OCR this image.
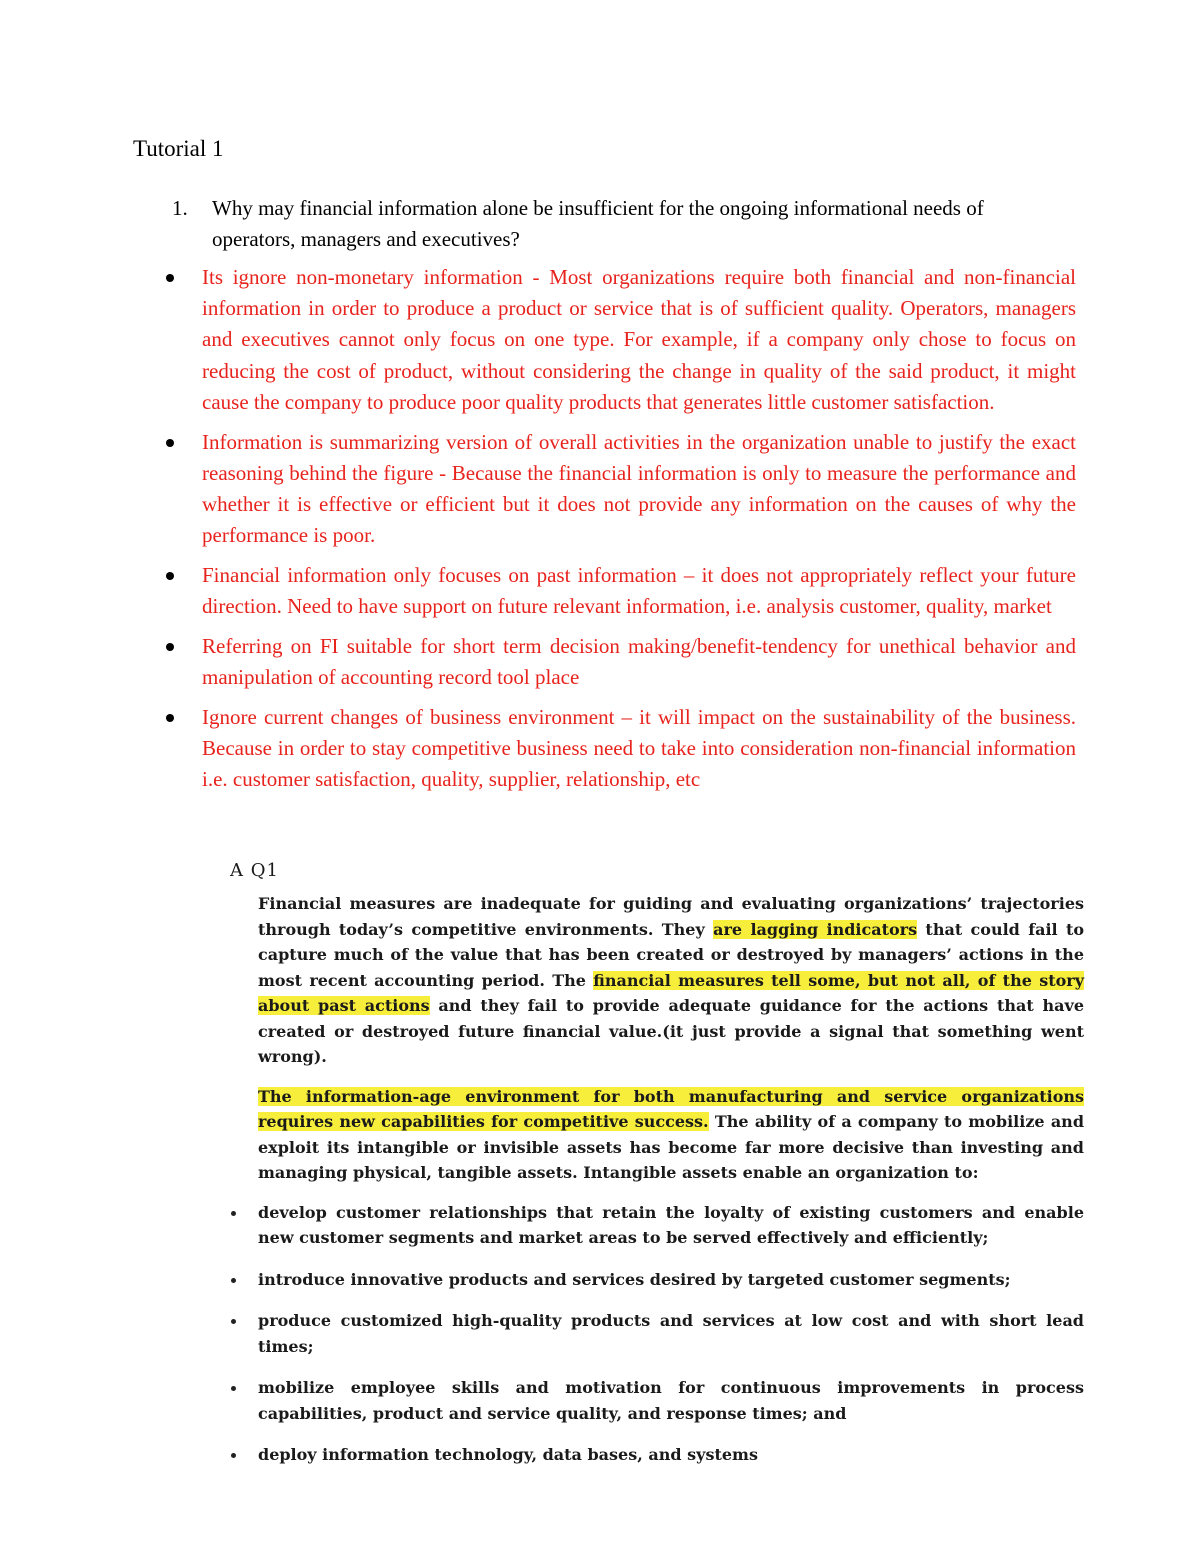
Tutorial 1
1.	Why may financial information alone be insufficient for the ongoing informational needs of operators, managers and executives?
Its ignore non-monetary information - Most organizations require both financial and non-financial information in order to produce a product or service that is of sufficient quality. Operators, managers and executives cannot only focus on one type. For example, if a company only chose to focus on reducing the cost of product, without considering the change in quality of the said product, it might cause the company to produce poor quality products that generates little customer satisfaction.
Information is summarizing version of overall activities in the organization unable to justify the exact reasoning behind the figure - Because the financial information is only to measure the performance and whether it is effective or efficient but it does not provide any information on the causes of why the performance is poor.
Financial information only focuses on past information – it does not appropriately reflect your future direction. Need to have support on future relevant information, i.e. analysis customer, quality, market
Referring on FI suitable for short term decision making/benefit-tendency for unethical behavior and manipulation of accounting record tool place
Ignore current changes of business environment – it will impact on the sustainability of the business. Because in order to stay competitive business need to take into consideration non-financial information i.e. customer satisfaction, quality, supplier, relationship, etc
A Q1

Financial measures are inadequate for guiding and evaluating organizations’ trajectories through today’s competitive environments. They are lagging indicators that could fail to capture much of the value that has been created or destroyed by managers’ actions in the most recent accounting period. The financial measures tell some, but not all, of the story about past actions and they fail to provide adequate guidance for the actions that have created or destroyed future financial value.(it just provide a signal that something went wrong).

The information-age environment for both manufacturing and service organizations requires new capabilities for competitive success. The ability of a company to mobilize and exploit its intangible or invisible assets has become far more decisive than investing and managing physical, tangible assets. Intangible assets enable an organization to:

develop customer relationships that retain the loyalty of existing customers and enable new customer segments and market areas to be served effectively and efficiently;
introduce innovative products and services desired by targeted customer segments;
produce customized high-quality products and services at low cost and with short lead times;
mobilize employee skills and motivation for continuous improvements in process capabilities, product and service quality, and response times; and
deploy information technology, data bases, and systems
